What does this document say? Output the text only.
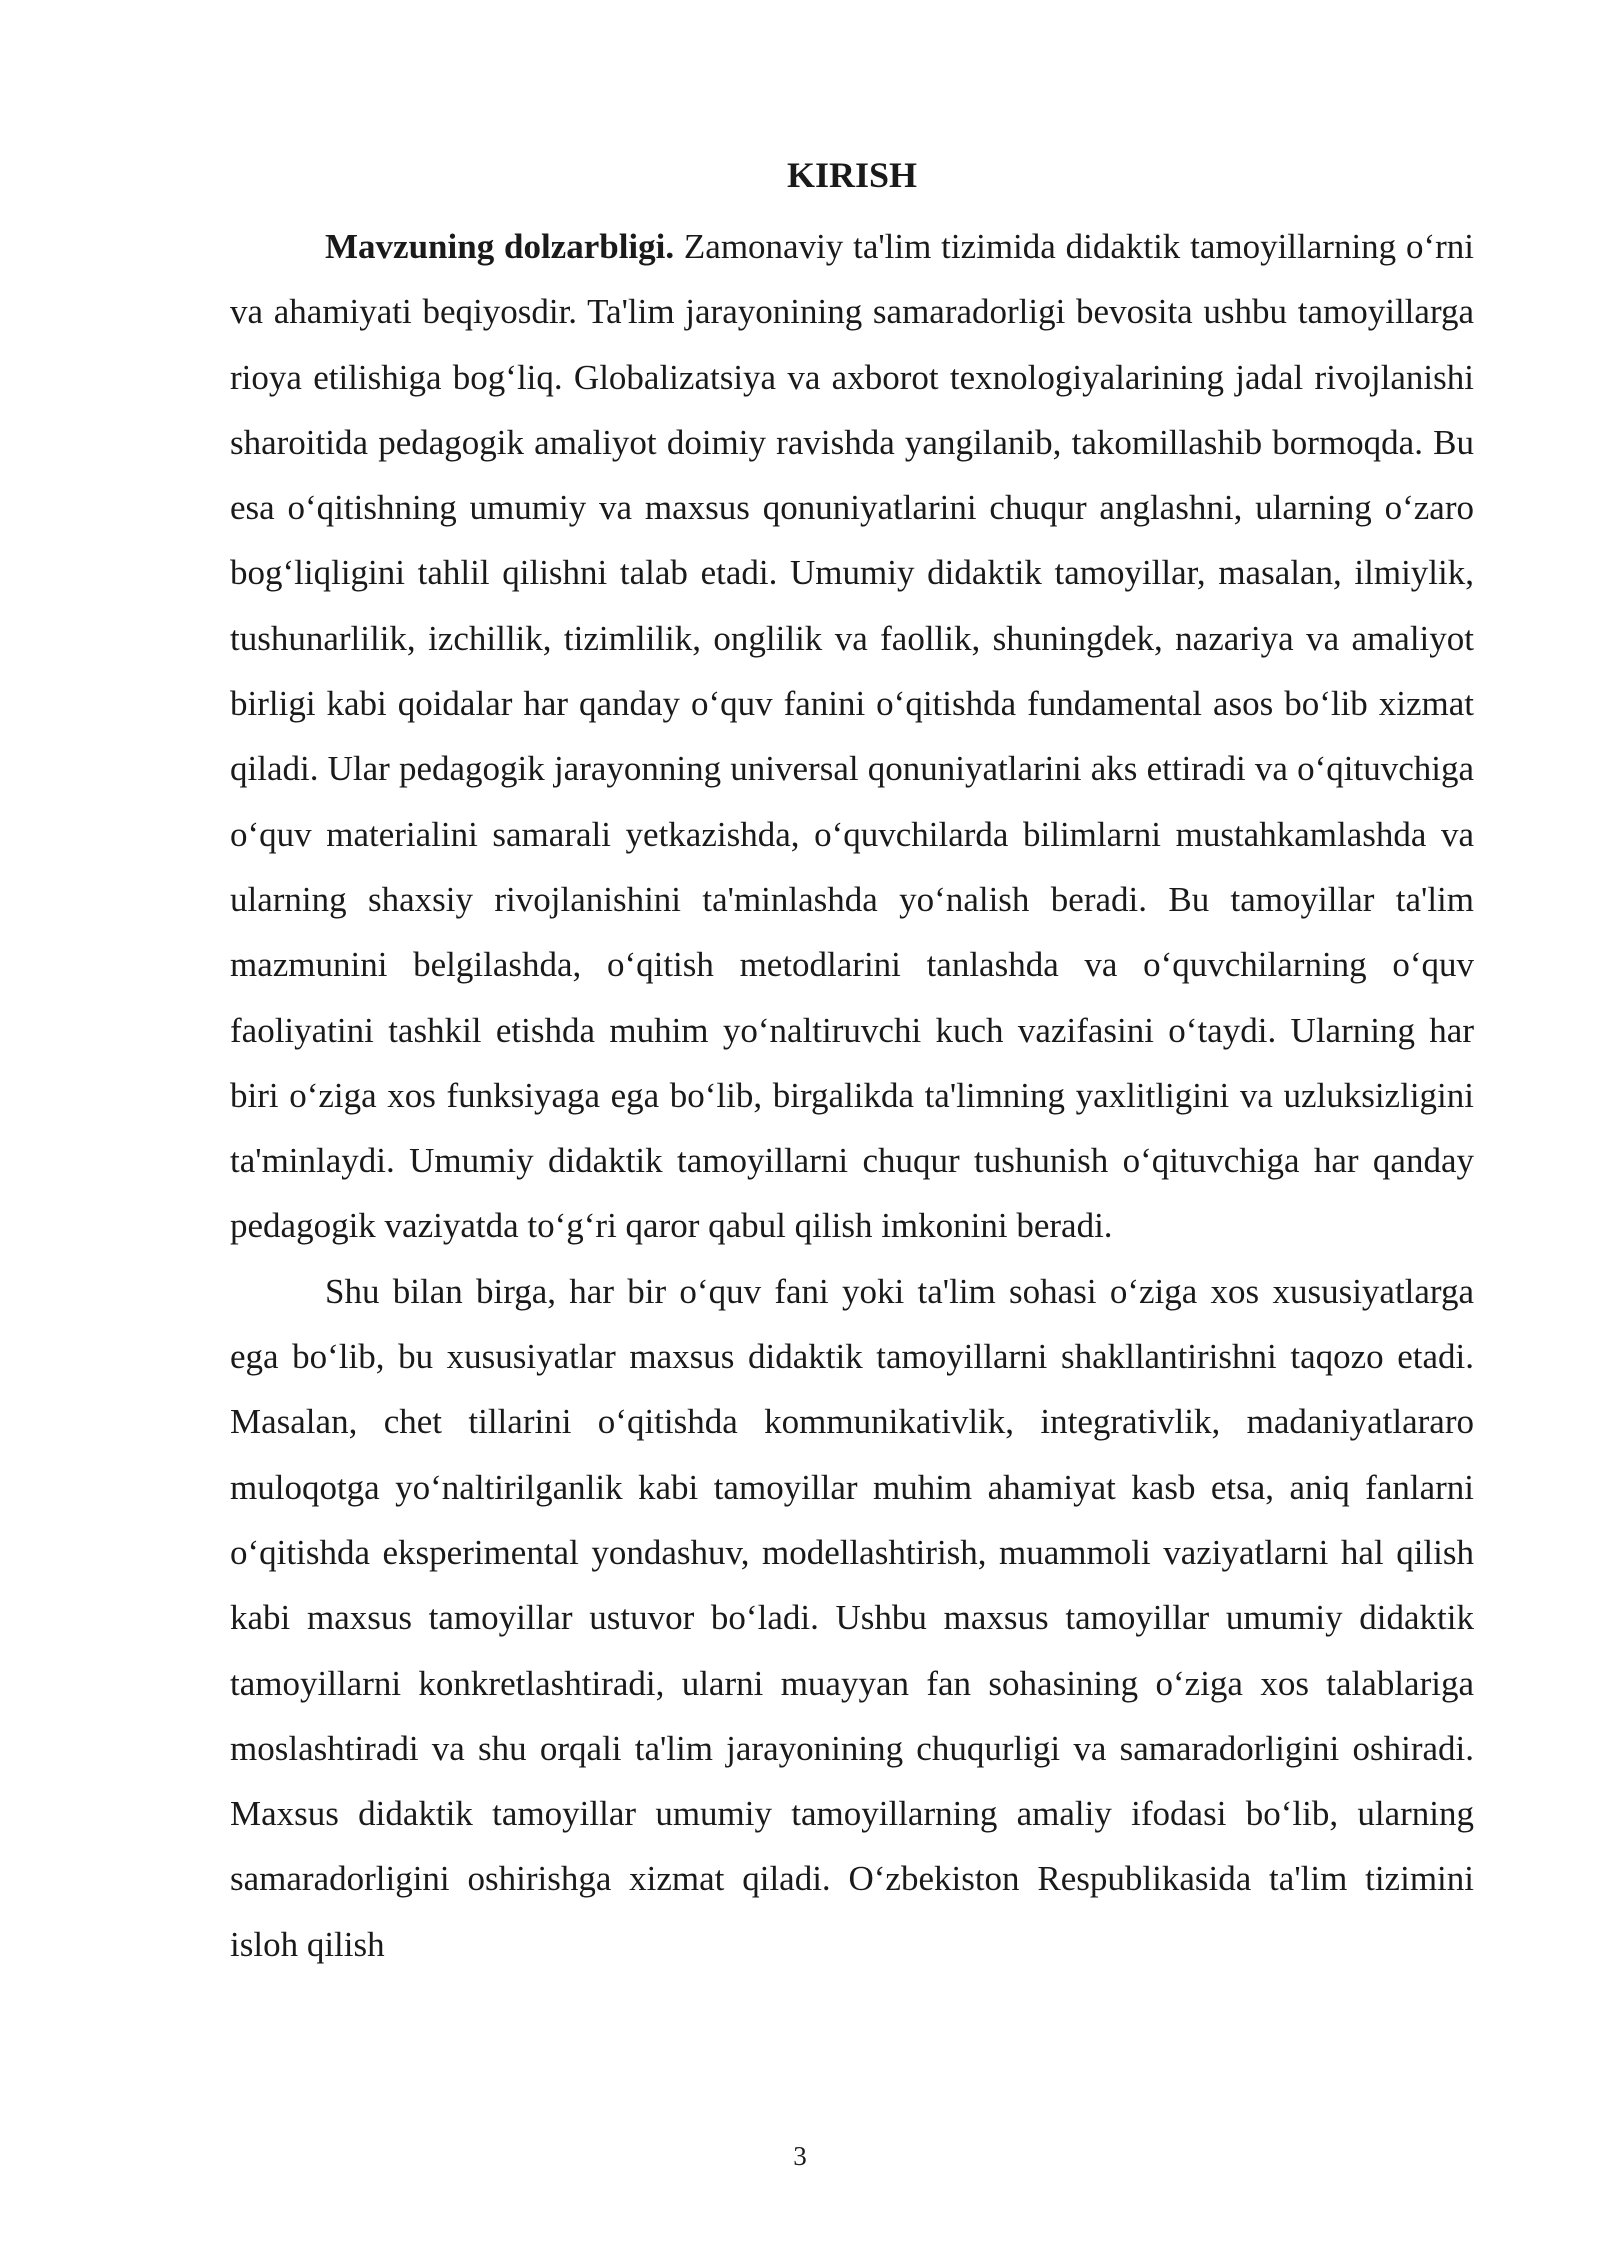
KIRISH

Mavzuning dolzarbligi. Zamonaviy ta'lim tizimida didaktik tamoyillarning o‘rni va ahamiyati beqiyosdir. Ta'lim jarayonining samaradorligi bevosita ushbu tamoyillarga rioya etilishiga bog‘liq. Globalizatsiya va axborot texnologiyalarining jadal rivojlanishi sharoitida pedagogik amaliyot doimiy ravishda yangilanib, takomillashib bormoqda. Bu esa o‘qitishning umumiy va maxsus qonuniyatlarini chuqur anglashni, ularning o‘zaro bog‘liqligini tahlil qilishni talab etadi. Umumiy didaktik tamoyillar, masalan, ilmiylik, tushunarlilik, izchillik, tizimlilik, onglilik va faollik, shuningdek, nazariya va amaliyot birligi kabi qoidalar har qanday o‘quv fanini o‘qitishda fundamental asos bo‘lib xizmat qiladi. Ular pedagogik jarayonning universal qonuniyatlarini aks ettiradi va o‘qituvchiga o‘quv materialini samarali yetkazishda, o‘quvchilarda bilimlarni mustahkamlashda va ularning shaxsiy rivojlanishini ta'minlashda yo‘nalish beradi. Bu tamoyillar ta'lim mazmunini belgilashda, o‘qitish metodlarini tanlashda va o‘quvchilarning o‘quv faoliyatini tashkil etishda muhim yo‘naltiruvchi kuch vazifasini o‘taydi. Ularning har biri o‘ziga xos funksiyaga ega bo‘lib, birgalikda ta'limning yaxlitligini va uzluksizligini ta'minlaydi. Umumiy didaktik tamoyillarni chuqur tushunish o‘qituvchiga har qanday pedagogik vaziyatda to‘g‘ri qaror qabul qilish imkonini beradi.

Shu bilan birga, har bir o‘quv fani yoki ta'lim sohasi o‘ziga xos xususiyatlarga ega bo‘lib, bu xususiyatlar maxsus didaktik tamoyillarni shakllantirishni taqozo etadi. Masalan, chet tillarini o‘qitishda kommunikativlik, integrativlik, madaniyatlararo muloqotga yo‘naltirilganlik kabi tamoyillar muhim ahamiyat kasb etsa, aniq fanlarni o‘qitishda eksperimental yondashuv, modellashtirish, muammoli vaziyatlarni hal qilish kabi maxsus tamoyillar ustuvor bo‘ladi. Ushbu maxsus tamoyillar umumiy didaktik tamoyillarni konkretlashtiradi, ularni muayyan fan sohasining o‘ziga xos talablariga moslashtiradi va shu orqali ta'lim jarayonining chuqurligi va samaradorligini oshiradi. Maxsus didaktik tamoyillar umumiy tamoyillarning amaliy ifodasi bo‘lib, ularning samaradorligini oshirishga xizmat qiladi. O‘zbekiston Respublikasida ta'lim tizimini isloh qilish

3
